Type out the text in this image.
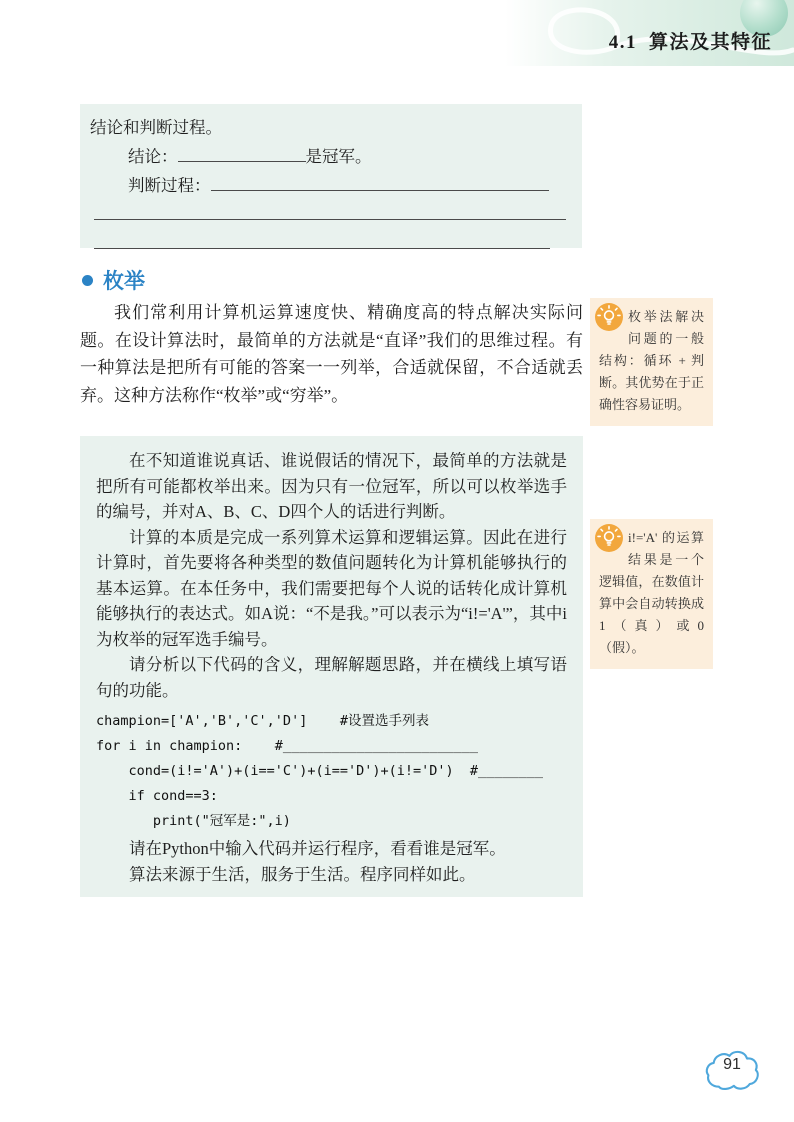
4.1 算法及其特征
结论和判断过程。
结论：	是冠军。
判断过程：
枚举
我们常利用计算机运算速度快、精确度高的特点解决实际问题。在设计算法时，最简单的方法就是“直译”我们的思维过程。有一种算法是把所有可能的答案一一列举，合适就保留，不合适就丢弃。这种方法称作“枚举”或“穷举”。
枚举法解决问题的一般结构：循环 + 判断。其优势在于正确性容易证明。
i!='A' 的运算结果是一个逻辑值，在数值计算中会自动转换成1（真）或0（假）。

在不知道谁说真话、谁说假话的情况下，最简单的方法就是把所有可能都枚举出来。因为只有一位冠军，所以可以枚举选手的编号，并对A、B、C、D四个人的话进行判断。

计算的本质是完成一系列算术运算和逻辑运算。因此在进行计算时，首先要将各种类型的数值问题转化为计算机能够执行的基本运算。在本任务中，我们需要把每个人说的话转化成计算机能够执行的表达式。如A说：“不是我。”可以表示为“i!='A'”，其中i为枚举的冠军选手编号。

请分析以下代码的含义，理解解题思路，并在横线上填写语句的功能。

champion=['A','B','C','D']    #设置选手列表
for i in champion:    #________________________
cond=(i!='A')+(i=='C')+(i=='D')+(i!='D')  #________
if cond==3:
print("冠军是:",i)

请在Python中输入代码并运行程序，看看谁是冠军。

算法来源于生活，服务于生活。程序同样如此。

91
